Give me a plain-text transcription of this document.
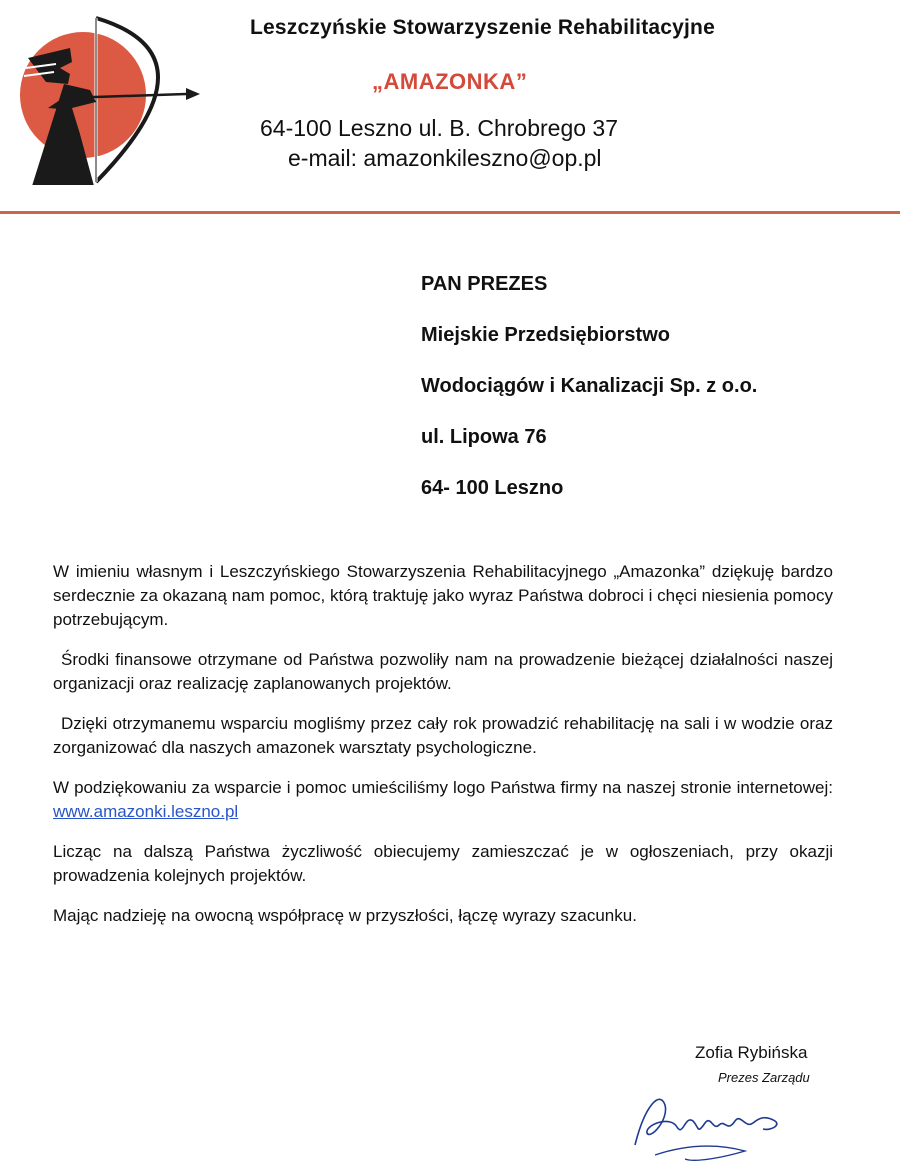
Leszczyńskie Stowarzyszenie Rehabilitacyjne
„AMAZONKA”
64-100 Leszno ul. B. Chrobrego 37
e-mail: amazonkileszno@op.pl
PAN PREZES
Miejskie Przedsiębiorstwo
Wodociągów i Kanalizacji Sp. z o.o.
ul. Lipowa 76
64- 100 Leszno

W imieniu własnym i Leszczyńskiego Stowarzyszenia Rehabilitacyjnego „Amazonka” dziękuję bardzo serdecznie za okazaną nam pomoc, którą traktuję jako wyraz Państwa dobroci i chęci niesienia pomocy potrzebującym.

Środki finansowe otrzymane od Państwa pozwoliły nam na prowadzenie bieżącej działalności naszej organizacji oraz realizację zaplanowanych projektów.

Dzięki otrzymanemu wsparciu mogliśmy przez cały rok prowadzić rehabilitację na sali i w wodzie oraz zorganizować dla naszych amazonek warsztaty psychologiczne.

W podziękowaniu za wsparcie i pomoc umieściliśmy logo Państwa firmy na naszej stronie internetowej: www.amazonki.leszno.pl

Licząc na dalszą Państwa życzliwość obiecujemy zamieszczać je w ogłoszeniach, przy okazji prowadzenia kolejnych projektów.

Mając nadzieję na owocną współpracę w przyszłości, łączę wyrazy szacunku.

Zofia Rybińska
Prezes Zarządu
